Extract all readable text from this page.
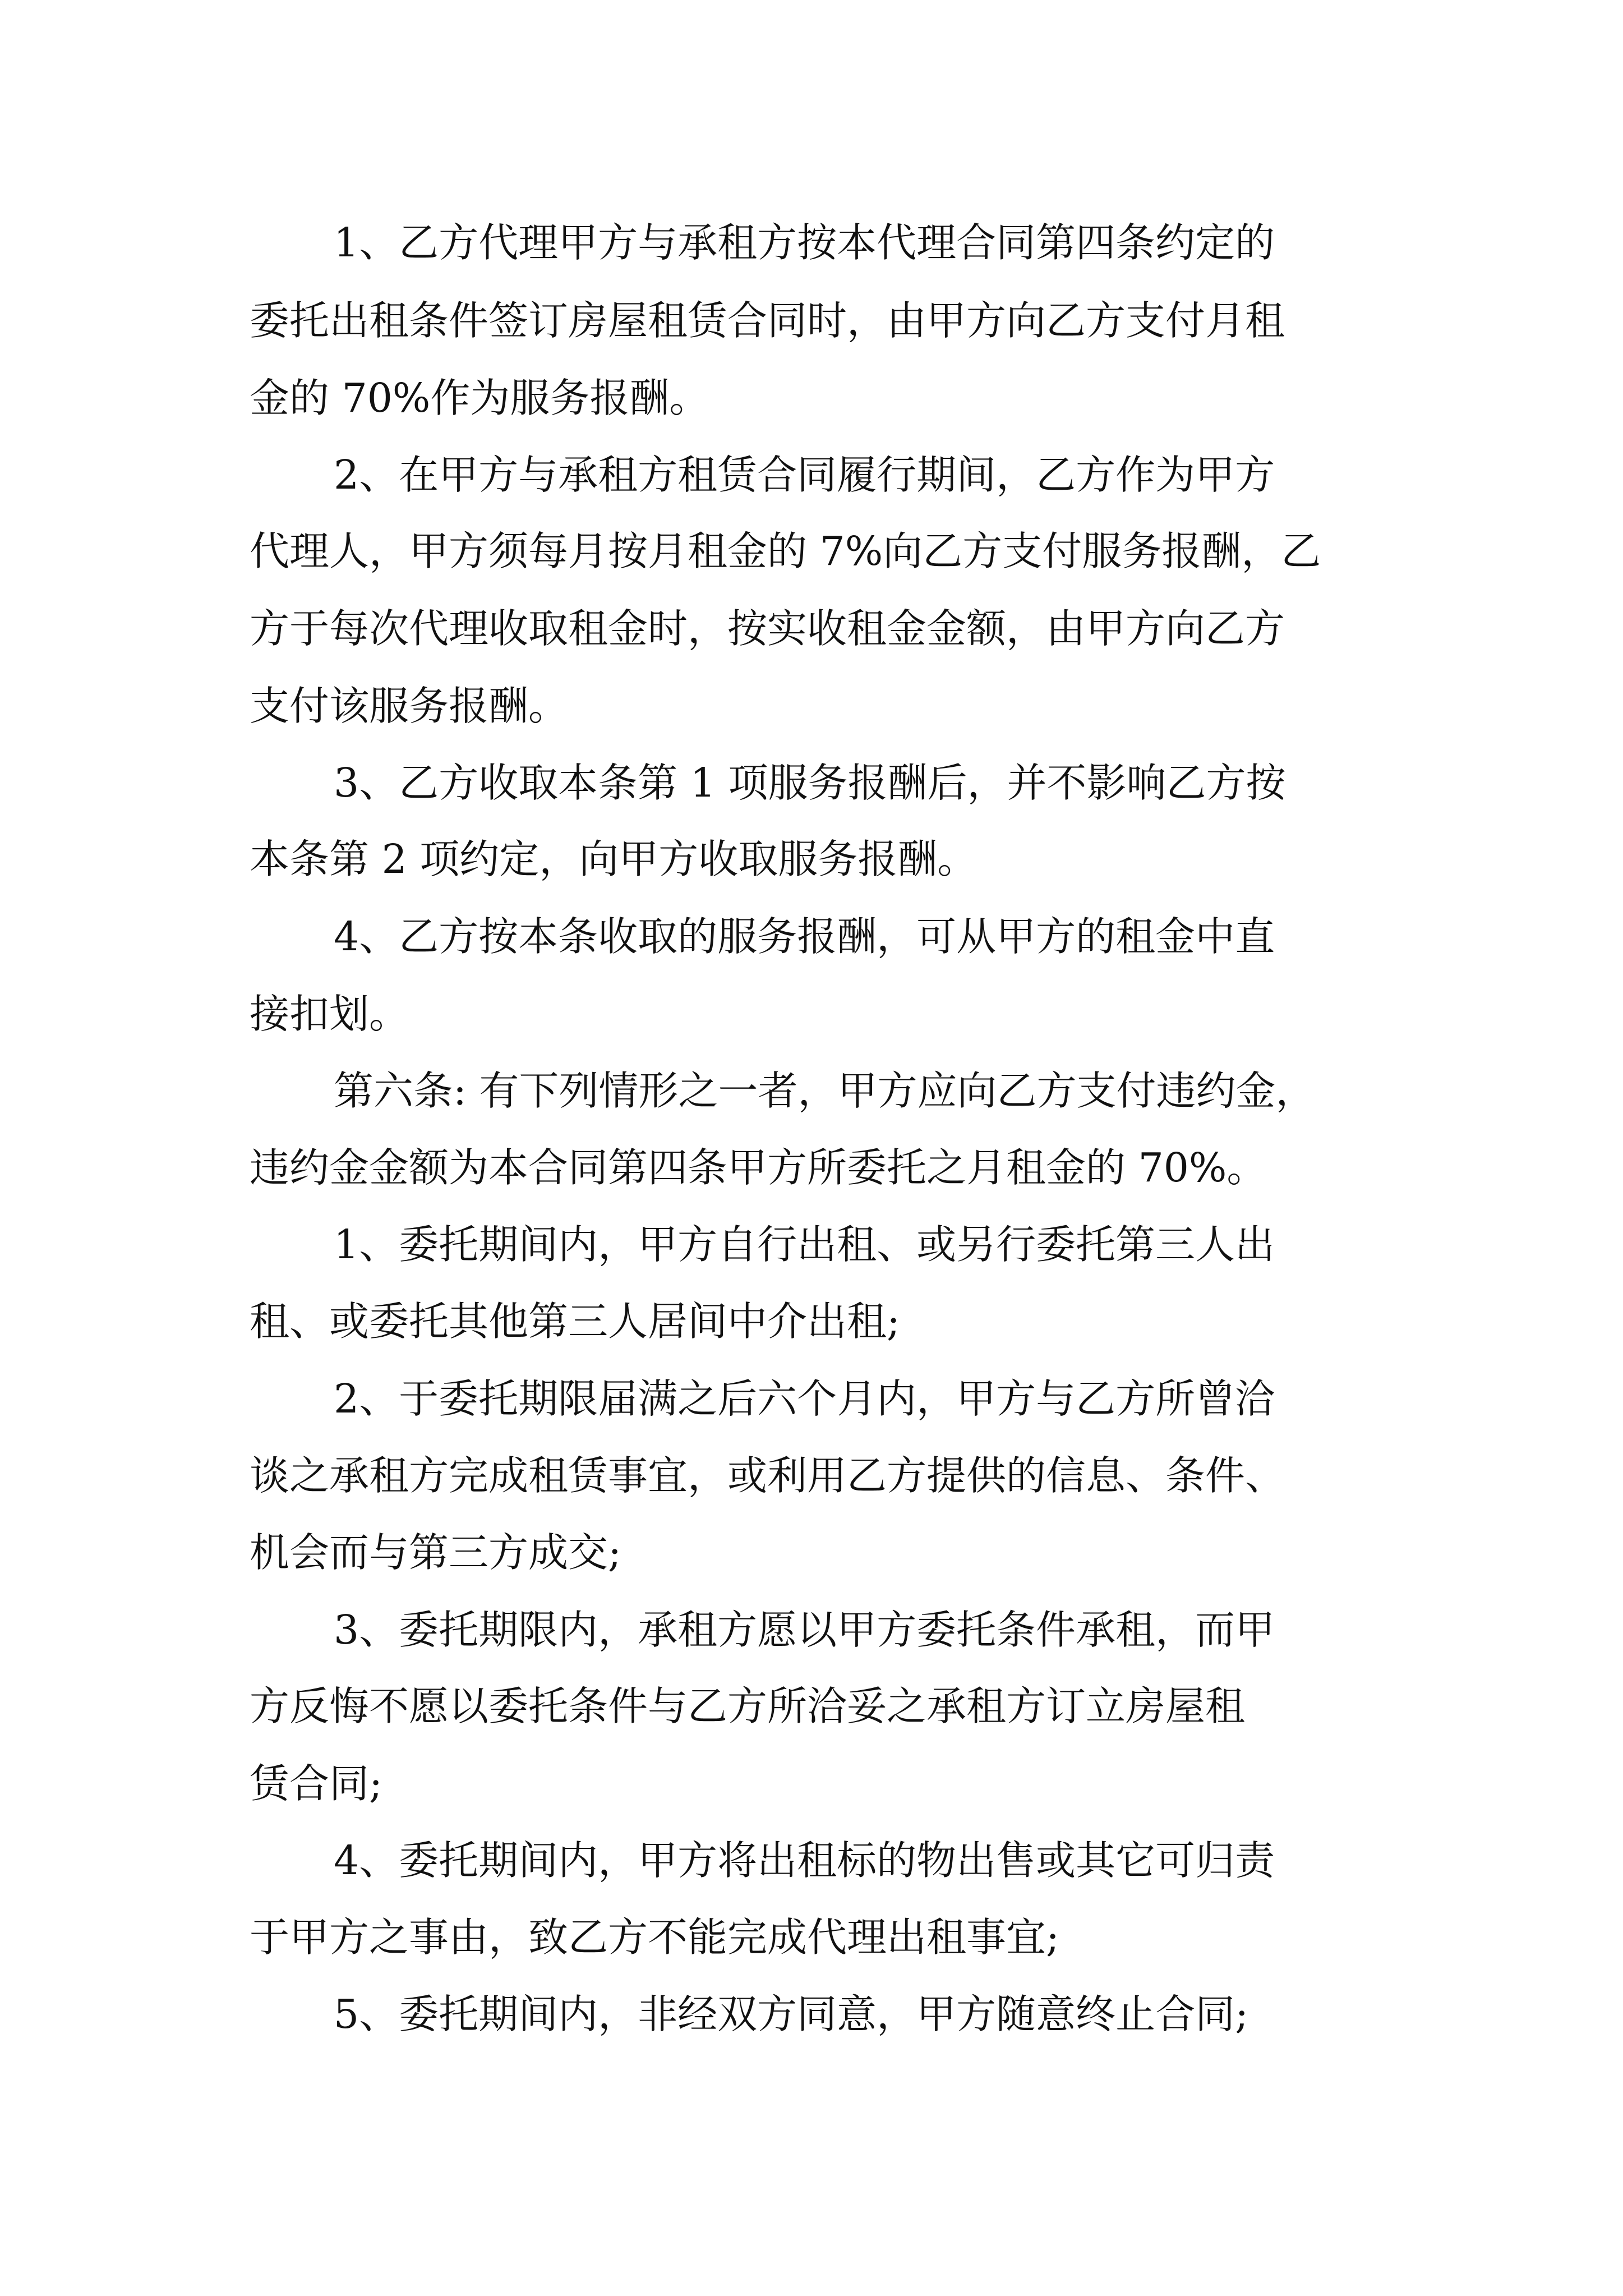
1、乙方代理甲方与承租方按本代理合同第四条约定的
委托出租条件签订房屋租赁合同时，由甲方向乙方支付月租
金的 70%作为服务报酬。
2、在甲方与承租方租赁合同履行期间，乙方作为甲方
代理人，甲方须每月按月租金的 7%向乙方支付服务报酬，乙
方于每次代理收取租金时，按实收租金金额，由甲方向乙方
支付该服务报酬。
3、乙方收取本条第 1 项服务报酬后，并不影响乙方按
本条第 2 项约定，向甲方收取服务报酬。
4、乙方按本条收取的服务报酬，可从甲方的租金中直
接扣划。
第六条: 有下列情形之一者，甲方应向乙方支付违约金，
违约金金额为本合同第四条甲方所委托之月租金的 70%。
1、委托期间内，甲方自行出租、或另行委托第三人出
租、或委托其他第三人居间中介出租;
2、于委托期限届满之后六个月内，甲方与乙方所曾洽
谈之承租方完成租赁事宜，或利用乙方提供的信息、条件、
机会而与第三方成交;
3、委托期限内，承租方愿以甲方委托条件承租，而甲
方反悔不愿以委托条件与乙方所洽妥之承租方订立房屋租
赁合同;
4、委托期间内，甲方将出租标的物出售或其它可归责
于甲方之事由，致乙方不能完成代理出租事宜;
5、委托期间内，非经双方同意，甲方随意终止合同;
